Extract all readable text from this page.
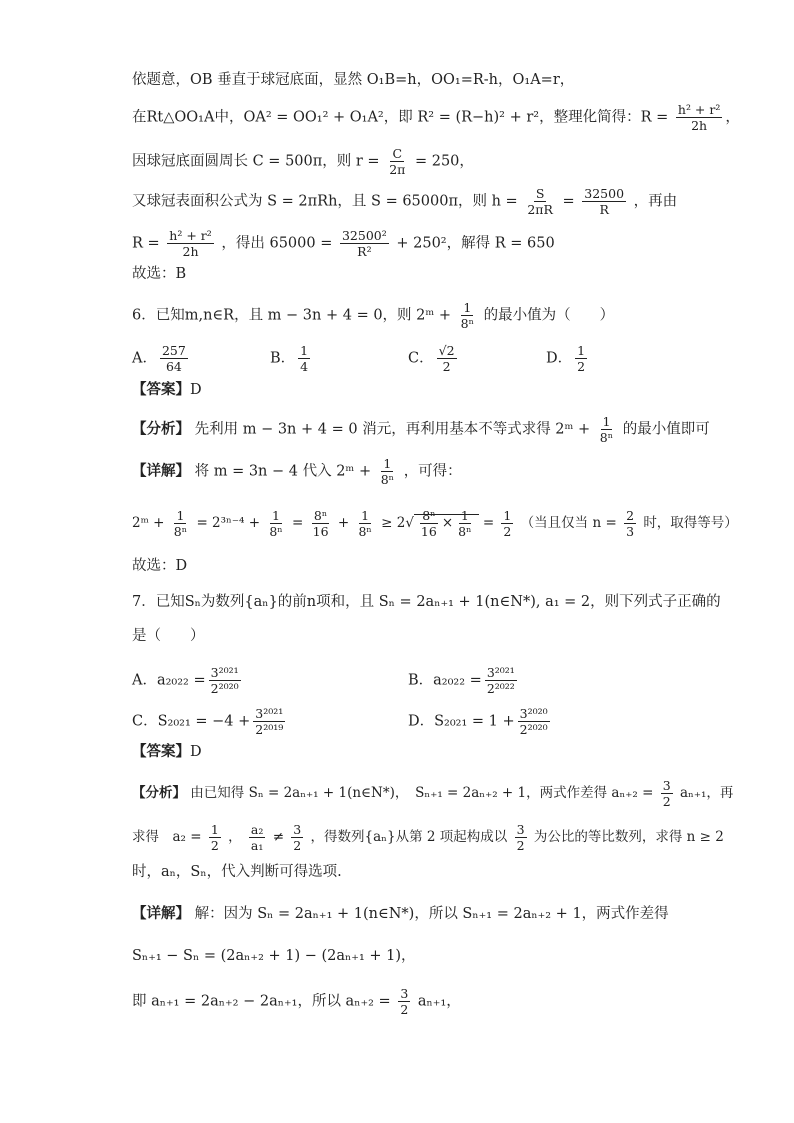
依题意，OB 垂直于球冠底面，显然 O₁B=h，OO₁=R-h，O₁A=r，
在Rt△OO₁A中，OA² = OO₁² + O₁A²，即 R² = (R−h)² + r²，整理化简得：$R = \frac{\text{h² + r²}}{2h}$ ，
因球冠底面圆周长 C = 500π，则 $r = \frac{C}{2\pi} = 250$，
又球冠表面积公式为 S = 2πRh，且 S = 65000π，则 $h = \frac{S}{2\pi R} = \frac{32500}{R}$ ，再由
$R = \frac{\text{h² + r²}}{2h}$ ，得出 $65000 = \frac{\text{32500²}}{\text{R²}} + 250^2$，解得 R = 650
故选：B
6．已知m,n∈R，且 m − 3n + 4 = 0，则 2ᵐ + $\frac{1}{\text{8ⁿ}}$ 的最小值为（　　）
A． $\frac{257}{64}$	B． $\frac{1}{4}$	C． $\frac{√2}{2}$	D． $\frac{1}{2}$
【答案】D
【分析】 先利用 m − 3n + 4 = 0 消元，再利用基本不等式求得 2ᵐ + $\frac{1}{\text{8ⁿ}}$ 的最小值即可
【详解】 将 m = 3n − 4 代入 2ᵐ + $\frac{1}{\text{8ⁿ}}$ ，可得：
2ᵐ + $\frac{1}{\text{8ⁿ}} = 2^{3n-4} + \frac{1}{\text{8ⁿ}} = \frac{\text{8ⁿ}}{16} + \frac{1}{\text{8ⁿ}} \ge 2√ \frac{\text{8ⁿ}}{16} \times \frac{1}{\text{8ⁿ}} = \frac{1}{2}$ （当且仅当 $n = \frac{2}{3}$ 时，取得等号）
故选：D
7．已知Sₙ为数列{aₙ}的前n项和，且 Sₙ = 2aₙ₊₁ + 1(n∈N*), a₁ = 2，则下列式子正确的
是（　　）
A．$a_{2022} = \frac{\text{3²⁰²¹}}{\text{2²⁰²⁰}}$	B．$a_{2022} = \frac{\text{3²⁰²¹}}{\text{2²⁰²²}}$
C．$S_{2021} = -4 + \frac{\text{3²⁰²¹}}{\text{2²⁰¹⁹}}$	D．$S_{2021} = 1 + \frac{\text{3²⁰²⁰}}{\text{2²⁰²⁰}}$
【答案】D
【分析】 由已知得 Sₙ = 2aₙ₊₁ + 1(n∈N*)，　Sₙ₊₁ = 2aₙ₊₂ + 1，两式作差得 $a_{n+2} = \frac{3}{2} a_{n+1}$，再
求得　$a_2 = \frac{1}{2}$ ， $\frac{\text{a₂}}{\text{a₁}} \ne \frac{3}{2}$ ，得数列{aₙ}从第 2 项起构成以 $\frac{3}{2}$ 为公比的等比数列，求得 n ≥ 2
时，aₙ，Sₙ，代入判断可得选项.
【详解】 解：因为 Sₙ = 2aₙ₊₁ + 1(n∈N*)，所以 Sₙ₊₁ = 2aₙ₊₂ + 1，两式作差得
Sₙ₊₁ − Sₙ = (2aₙ₊₂ + 1) − (2aₙ₊₁ + 1)，
即 aₙ₊₁ = 2aₙ₊₂ − 2aₙ₊₁，所以 $a_{n+2} = \frac{3}{2} a_{n+1}$，
